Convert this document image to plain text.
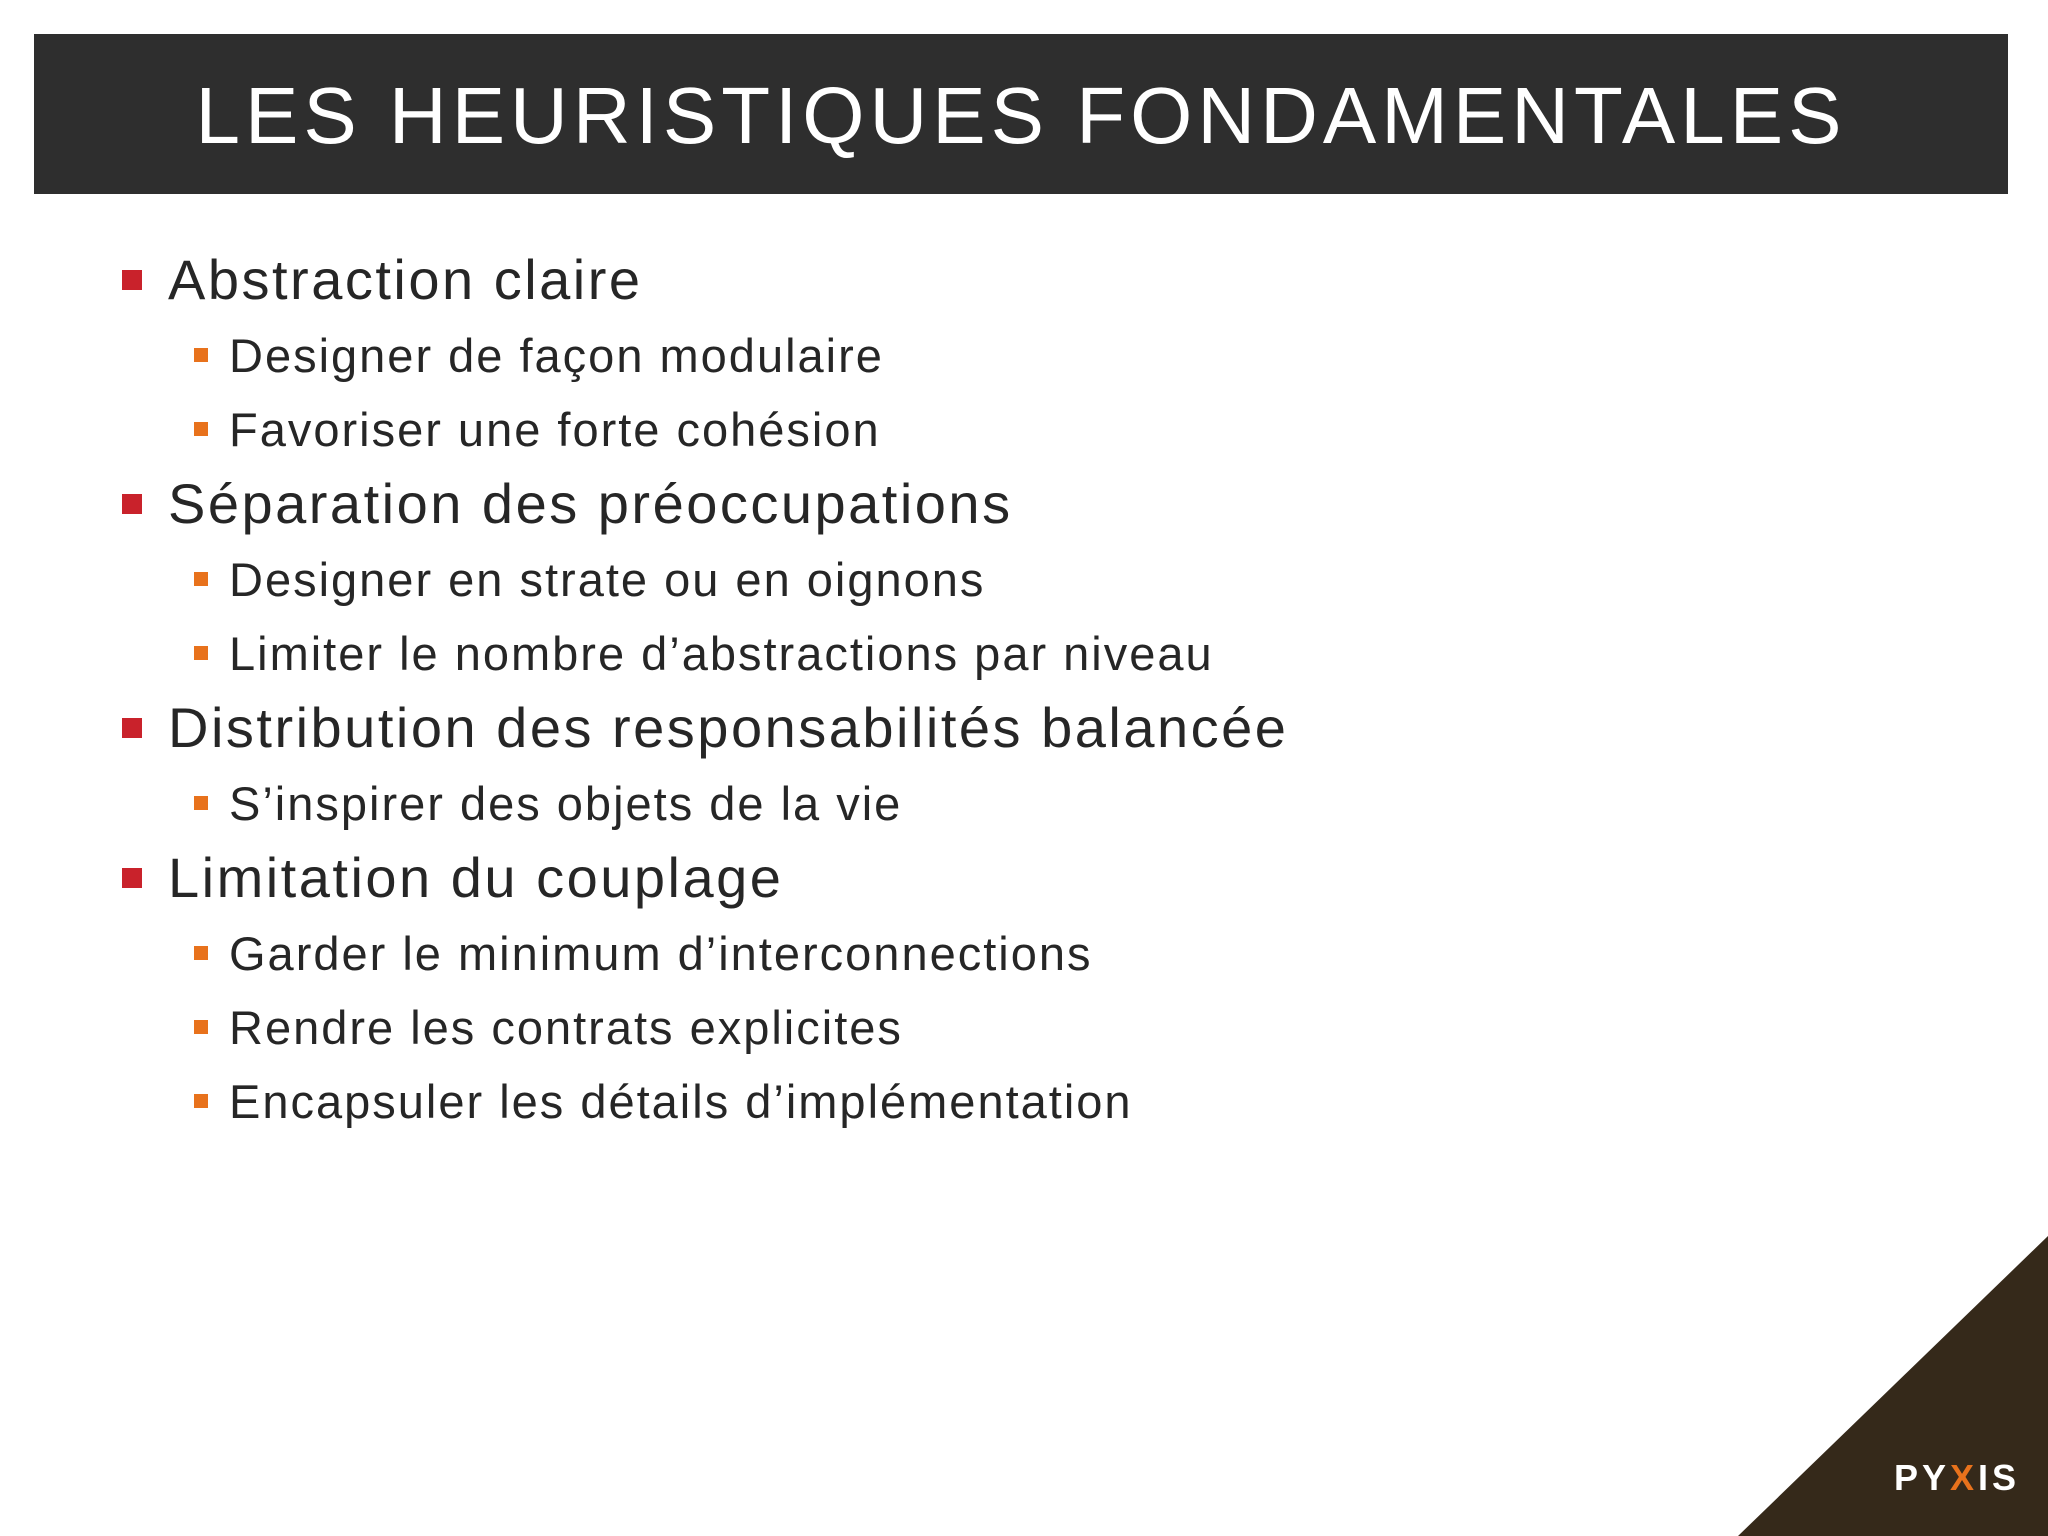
LES HEURISTIQUES FONDAMENTALES
Abstraction claire
Designer de façon modulaire
Favoriser une forte cohésion
Séparation des préoccupations
Designer en strate ou en oignons
Limiter le nombre d’abstractions par niveau
Distribution des responsabilités balancée
S’inspirer des objets de la vie
Limitation du couplage
Garder le minimum d’interconnections
Rendre les contrats explicites
Encapsuler les détails d’implémentation
PYXIS
